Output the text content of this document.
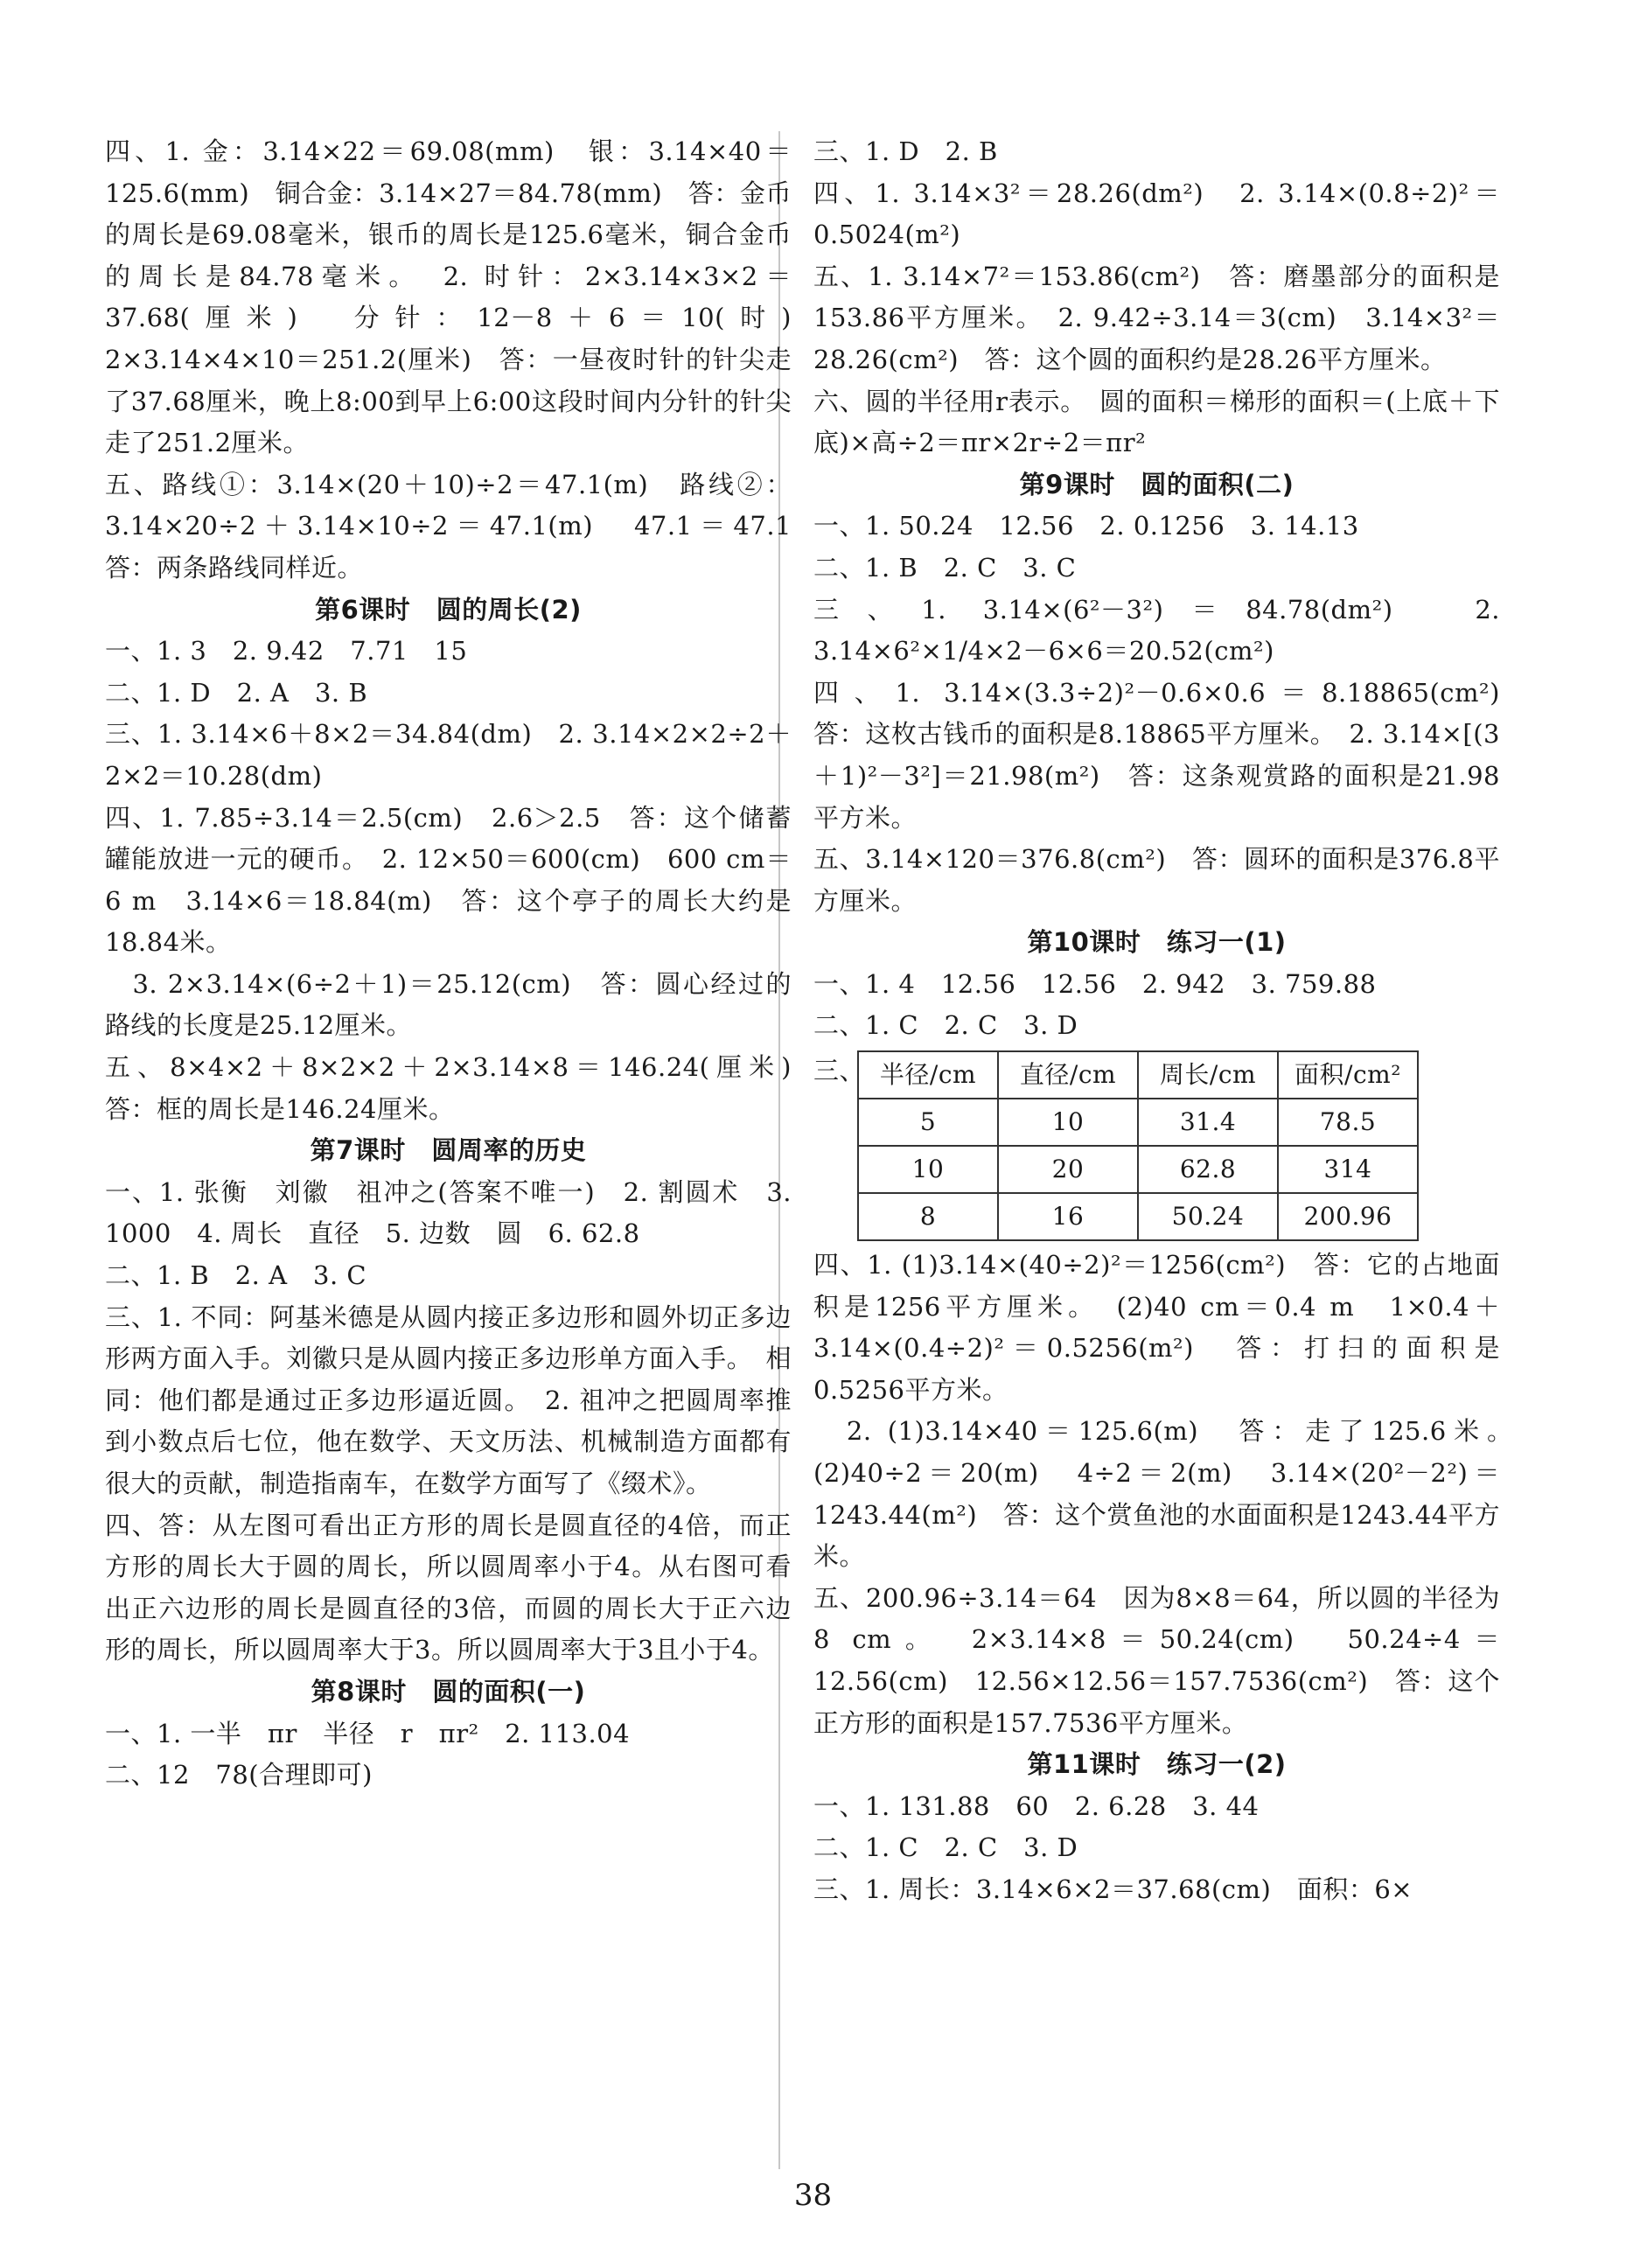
四、1. 金：3.14×22＝69.08(mm)　银：3.14×40＝125.6(mm)　铜合金：3.14×27＝84.78(mm)　答：金币的周长是69.08毫米，银币的周长是125.6毫米，铜合金币的周长是84.78毫米。　2. 时针：2×3.14×3×2＝37.68(厘米)　分针：12－8＋6＝10(时)　2×3.14×4×10＝251.2(厘米)　答：一昼夜时针的针尖走了37.68厘米，晚上8:00到早上6:00这段时间内分针的针尖走了251.2厘米。

五、路线①：3.14×(20＋10)÷2＝47.1(m)　路线②：3.14×20÷2＋3.14×10÷2＝47.1(m)　47.1＝47.1　答：两条路线同样近。

第6课时　圆的周长(2)

一、1. 3　2. 9.42　7.71　15

二、1. D　2. A　3. B

三、1. 3.14×6＋8×2＝34.84(dm)　2. 3.14×2×2÷2＋2×2＝10.28(dm)

四、1. 7.85÷3.14＝2.5(cm)　2.6＞2.5　答：这个储蓄罐能放进一元的硬币。　2. 12×50＝600(cm)　600 cm＝6 m　3.14×6＝18.84(m)　答：这个亭子的周长大约是18.84米。

　3. 2×3.14×(6÷2＋1)＝25.12(cm)　答：圆心经过的路线的长度是25.12厘米。

五、8×4×2＋8×2×2＋2×3.14×8＝146.24(厘米)　答：框的周长是146.24厘米。

第7课时　圆周率的历史

一、1. 张衡　刘徽　祖冲之(答案不唯一)　2. 割圆术　3. 1000　4. 周长　直径　5. 边数　圆　6. 62.8

二、1. B　2. A　3. C

三、1. 不同：阿基米德是从圆内接正多边形和圆外切正多边形两方面入手。刘徽只是从圆内接正多边形单方面入手。　相同：他们都是通过正多边形逼近圆。　2. 祖冲之把圆周率推到小数点后七位，他在数学、天文历法、机械制造方面都有很大的贡献，制造指南车，在数学方面写了《缀术》。

四、答：从左图可看出正方形的周长是圆直径的4倍，而正方形的周长大于圆的周长，所以圆周率小于4。从右图可看出正六边形的周长是圆直径的3倍，而圆的周长大于正六边形的周长，所以圆周率大于3。所以圆周率大于3且小于4。

第8课时　圆的面积(一)

一、1. 一半　πr　半径　r　πr²　2. 113.04

二、12　78(合理即可)

三、1. D　2. B

四、1. 3.14×3²＝28.26(dm²)　2. 3.14×(0.8÷2)²＝0.5024(m²)

五、1. 3.14×7²＝153.86(cm²)　答：磨墨部分的面积是153.86平方厘米。　2. 9.42÷3.14＝3(cm)　3.14×3²＝28.26(cm²)　答：这个圆的面积约是28.26平方厘米。

六、圆的半径用r表示。　圆的面积＝梯形的面积＝(上底＋下底)×高÷2＝πr×2r÷2＝πr²

第9课时　圆的面积(二)

一、1. 50.24　12.56　2. 0.1256　3. 14.13

二、1. B　2. C　3. C

三、1. 3.14×(6²－3²)＝84.78(dm²)　2. 3.14×6²×1/4×2－6×6＝20.52(cm²)

四、1. 3.14×(3.3÷2)²－0.6×0.6＝8.18865(cm²)　答：这枚古钱币的面积是8.18865平方厘米。　2. 3.14×[(3＋1)²－3²]＝21.98(m²)　答：这条观赏路的面积是21.98平方米。

五、3.14×120＝376.8(cm²)　答：圆环的面积是376.8平方厘米。

第10课时　练习一(1)

一、1. 4　12.56　12.56　2. 942　3. 759.88

二、1. C　2. C　3. D

三、 半径/cm	直径/cm	周长/cm	面积/cm²
5	10	31.4	78.5
10	20	62.8	314
8	16	50.24	200.96

四、1. (1)3.14×(40÷2)²＝1256(cm²)　答：它的占地面积是1256平方厘米。　(2)40 cm＝0.4 m　1×0.4＋3.14×(0.4÷2)²＝0.5256(m²)　答：打扫的面积是0.5256平方米。

　2. (1)3.14×40＝125.6(m)　答：走了125.6米。　(2)40÷2＝20(m)　4÷2＝2(m)　3.14×(20²－2²)＝1243.44(m²)　答：这个赏鱼池的水面面积是1243.44平方米。

五、200.96÷3.14＝64　因为8×8＝64，所以圆的半径为8 cm。　2×3.14×8＝50.24(cm)　50.24÷4＝12.56(cm)　12.56×12.56＝157.7536(cm²)　答：这个正方形的面积是157.7536平方厘米。

第11课时　练习一(2)

一、1. 131.88　60　2. 6.28　3. 44

二、1. C　2. C　3. D

三、1. 周长：3.14×6×2＝37.68(cm)　面积：6×

38
